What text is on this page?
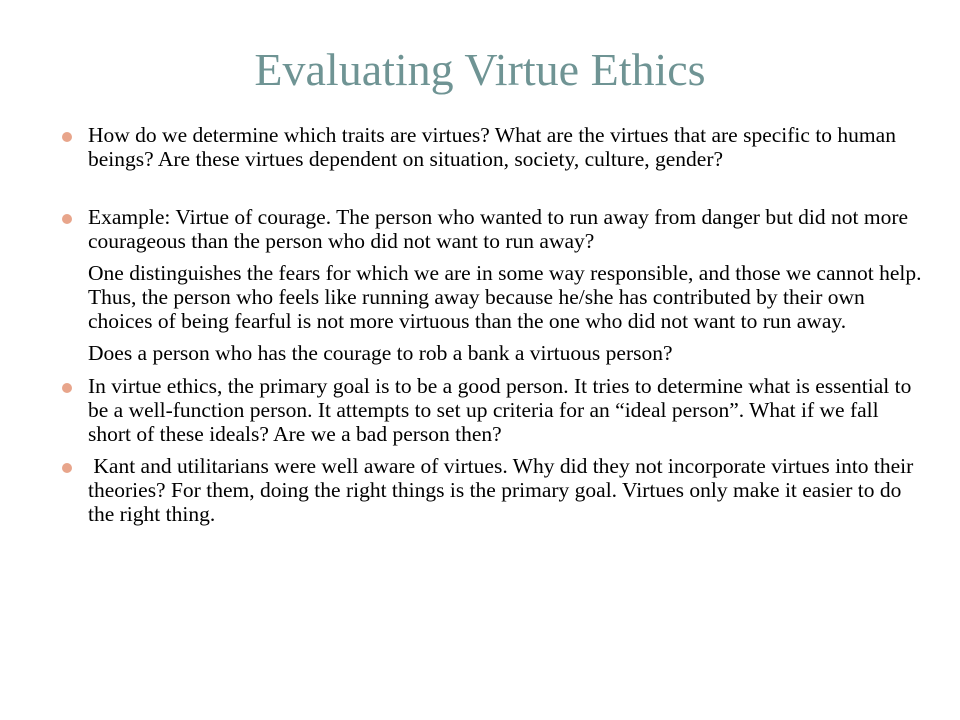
Evaluating Virtue Ethics

How do we determine which traits are virtues? What are the virtues that are specific to human beings? Are these virtues dependent on situation, society, culture, gender?

Example: Virtue of courage. The person who wanted to run away from danger but did not more courageous than the person who did not want to run away?

One distinguishes the fears for which we are in some way responsible, and those we cannot help. Thus, the person who feels like running away because he/she has contributed by their own choices of being fearful is not more virtuous than the one who did not want to run away.

Does a person who has the courage to rob a bank a virtuous person?

In virtue ethics, the primary goal is to be a good person. It tries to determine what is essential to be a well-function person. It attempts to set up criteria for an “ideal person”. What if we fall short of these ideals? Are we a bad person then?

Kant and utilitarians were well aware of virtues. Why did they not incorporate virtues into their theories? For them, doing the right things is the primary goal. Virtues only make it easier to do the right thing.
